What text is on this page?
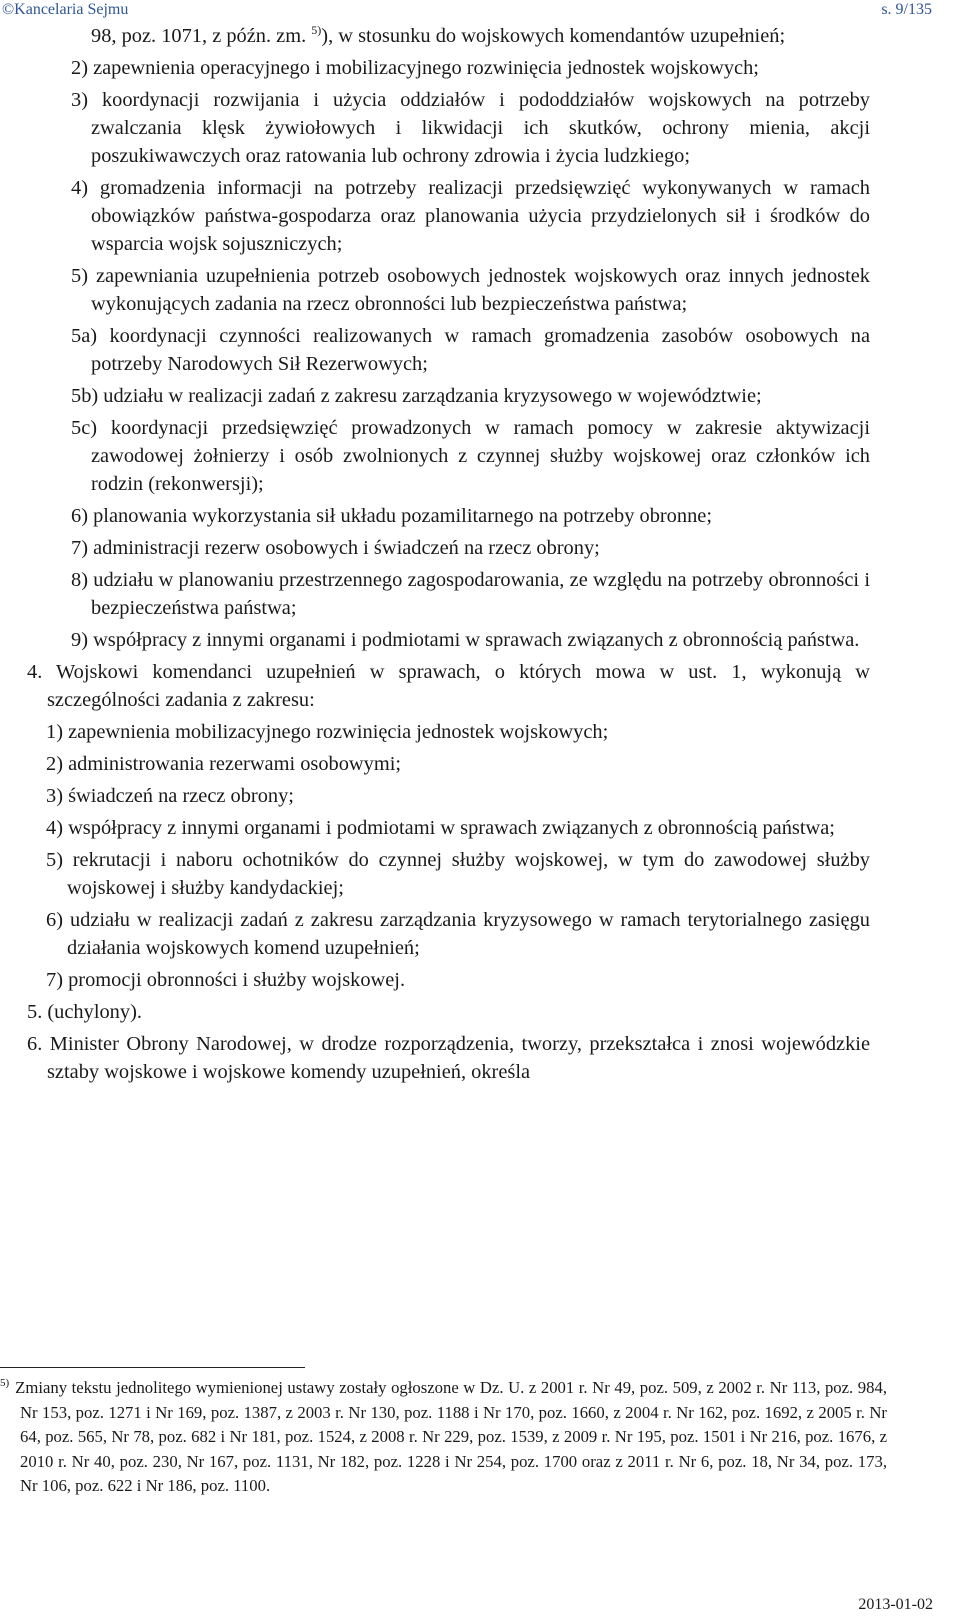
©Kancelaria Sejmu	s. 9/135

98, poz. 1071, z późn. zm. $^{5)}$), w stosunku do wojskowych komendantów uzupełnień;

2) zapewnienia operacyjnego i mobilizacyjnego rozwinięcia jednostek wojskowych;

3) koordynacji rozwijania i użycia oddziałów i pododdziałów wojskowych na potrzeby zwalczania klęsk żywiołowych i likwidacji ich skutków, ochrony mienia, akcji poszukiwawczych oraz ratowania lub ochrony zdrowia i życia ludzkiego;

4) gromadzenia informacji na potrzeby realizacji przedsięwzięć wykonywanych w ramach obowiązków państwa-gospodarza oraz planowania użycia przydzielonych sił i środków do wsparcia wojsk sojuszniczych;

5) zapewniania uzupełnienia potrzeb osobowych jednostek wojskowych oraz innych jednostek wykonujących zadania na rzecz obronności lub bezpieczeństwa państwa;

5a) koordynacji czynności realizowanych w ramach gromadzenia zasobów osobowych na potrzeby Narodowych Sił Rezerwowych;

5b) udziału w realizacji zadań z zakresu zarządzania kryzysowego w województwie;

5c) koordynacji przedsięwzięć prowadzonych w ramach pomocy w zakresie aktywizacji zawodowej żołnierzy i osób zwolnionych z czynnej służby wojskowej oraz członków ich rodzin (rekonwersji);

6) planowania wykorzystania sił układu pozamilitarnego na potrzeby obronne;

7) administracji rezerw osobowych i świadczeń na rzecz obrony;

8) udziału w planowaniu przestrzennego zagospodarowania, ze względu na potrzeby obronności i bezpieczeństwa państwa;

9) współpracy z innymi organami i podmiotami w sprawach związanych z obronnością państwa.

4. Wojskowi komendanci uzupełnień w sprawach, o których mowa w ust. 1, wykonują w szczególności zadania z zakresu:

1) zapewnienia mobilizacyjnego rozwinięcia jednostek wojskowych;

2) administrowania rezerwami osobowymi;

3) świadczeń na rzecz obrony;

4) współpracy z innymi organami i podmiotami w sprawach związanych z obronnością państwa;

5) rekrutacji i naboru ochotników do czynnej służby wojskowej, w tym do zawodowej służby wojskowej i służby kandydackiej;

6) udziału w realizacji zadań z zakresu zarządzania kryzysowego w ramach terytorialnego zasięgu działania wojskowych komend uzupełnień;

7) promocji obronności i służby wojskowej.

5. (uchylony).

6. Minister Obrony Narodowej, w drodze rozporządzenia, tworzy, przekształca i znosi wojewódzkie sztaby wojskowe i wojskowe komendy uzupełnień, określa

$^{5)}$ Zmiany tekstu jednolitego wymienionej ustawy zostały ogłoszone w Dz. U. z 2001 r. Nr 49, poz. 509, z 2002 r. Nr 113, poz. 984, Nr 153, poz. 1271 i Nr 169, poz. 1387, z 2003 r. Nr 130, poz. 1188 i Nr 170, poz. 1660, z 2004 r. Nr 162, poz. 1692, z 2005 r. Nr 64, poz. 565, Nr 78, poz. 682 i Nr 181, poz. 1524, z 2008 r. Nr 229, poz. 1539, z 2009 r. Nr 195, poz. 1501 i Nr 216, poz. 1676, z 2010 r. Nr 40, poz. 230, Nr 167, poz. 1131, Nr 182, poz. 1228 i Nr 254, poz. 1700 oraz z 2011 r. Nr 6, poz. 18, Nr 34, poz. 173, Nr 106, poz. 622 i Nr 186, poz. 1100.
2013-01-02
